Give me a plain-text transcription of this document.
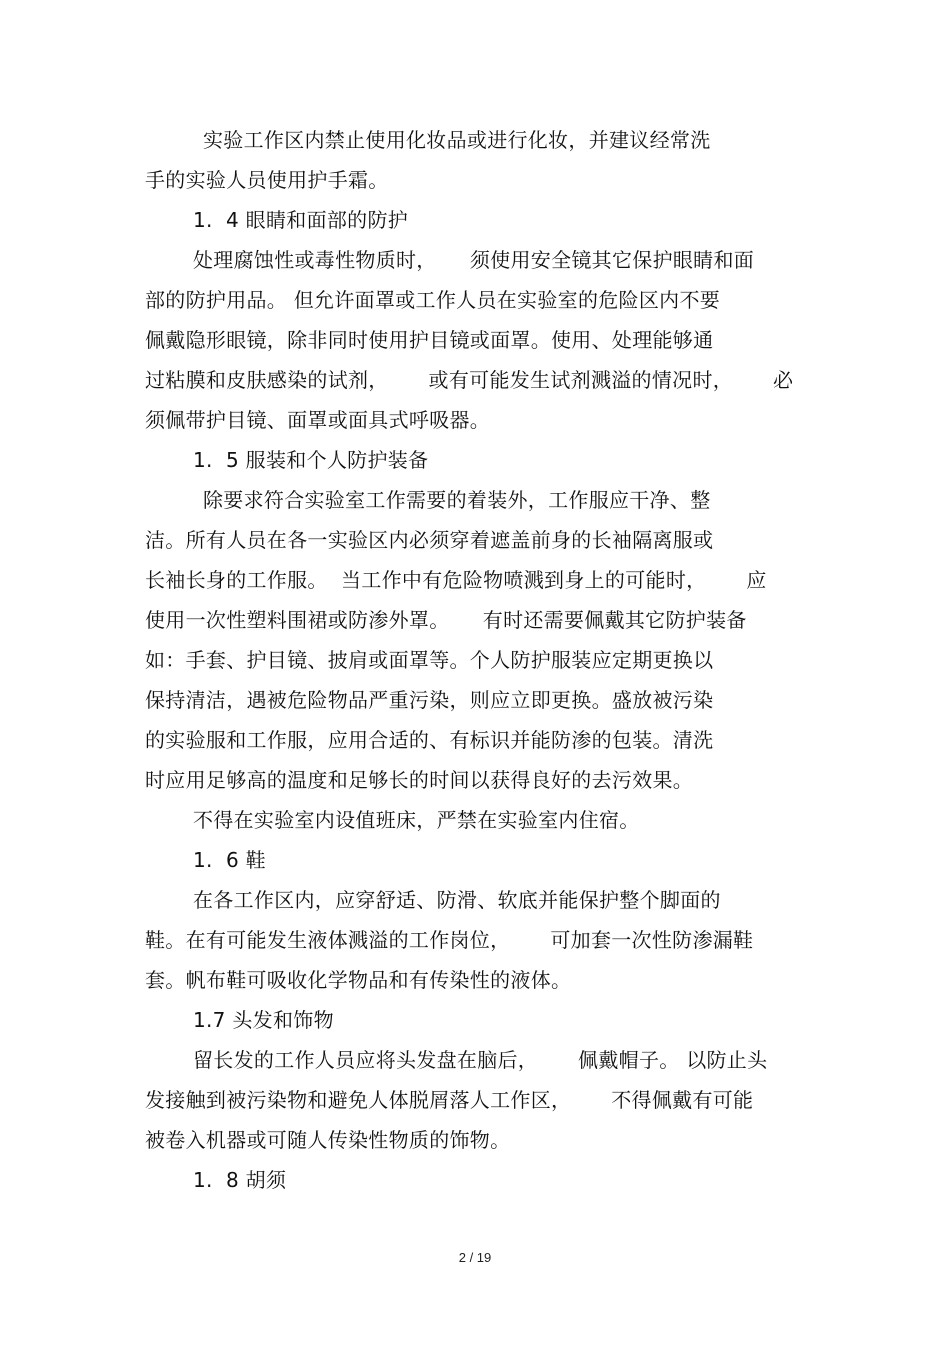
实验工作区内禁止使用化妆品或进行化妆，并建议经常洗
手的实验人员使用护手霜。
1.  4 眼睛和面部的防护
处理腐蚀性或毒性物质时，     须使用安全镜其它保护眼睛和面
部的防护用品。 但允许面罩或工作人员在实验室的危险区内不要
佩戴隐形眼镜，除非同时使用护目镜或面罩。使用、处理能够通
过粘膜和皮肤感染的试剂，      或有可能发生试剂溅溢的情况时，      必
须佩带护目镜、面罩或面具式呼吸器。
1.  5 服装和个人防护装备
除要求符合实验室工作需要的着装外，工作服应干净、整
洁。所有人员在各一实验区内必须穿着遮盖前身的长袖隔离服或
长袖长身的工作服。  当工作中有危险物喷溅到身上的可能时，      应
使用一次性塑料围裙或防渗外罩。     有时还需要佩戴其它防护装备
如：手套、护目镜、披肩或面罩等。个人防护服装应定期更换以
保持清洁，遇被危险物品严重污染，则应立即更换。盛放被污染
的实验服和工作服，应用合适的、有标识并能防渗的包装。清洗
时应用足够高的温度和足够长的时间以获得良好的去污效果。
不得在实验室内设值班床，严禁在实验室内住宿。
1.  6 鞋
在各工作区内，应穿舒适、防滑、软底并能保护整个脚面的
鞋。在有可能发生液体溅溢的工作岗位，      可加套一次性防渗漏鞋
套。帆布鞋可吸收化学物品和有传染性的液体。
1.7 头发和饰物
留长发的工作人员应将头发盘在脑后，      佩戴帽子。 以防止头
发接触到被污染物和避免人体脱屑落人工作区，      不得佩戴有可能
被卷入机器或可随人传染性物质的饰物。
1.  8 胡须
2 / 19
